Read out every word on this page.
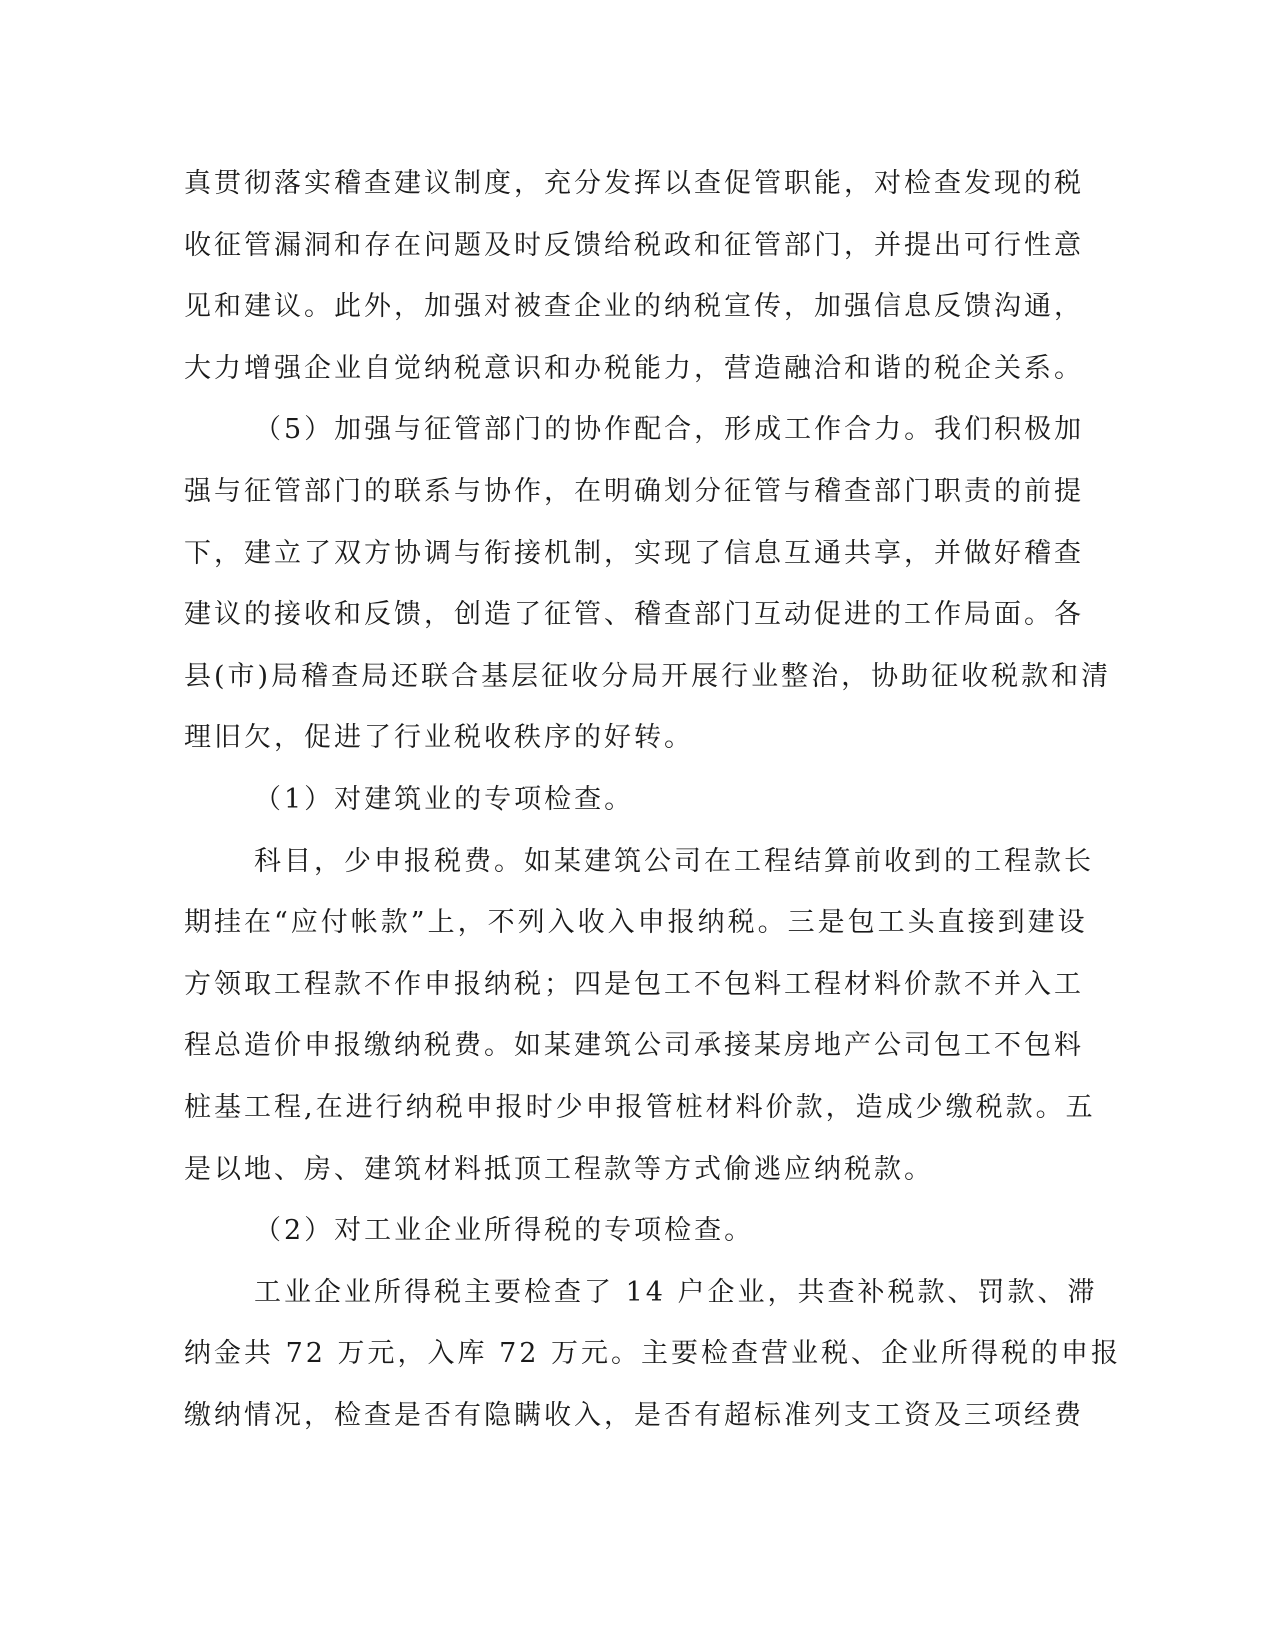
真贯彻落实稽查建议制度，充分发挥以查促管职能，对检查发现的税
收征管漏洞和存在问题及时反馈给税政和征管部门，并提出可行性意
见和建议。此外，加强对被查企业的纳税宣传，加强信息反馈沟通，
大力增强企业自觉纳税意识和办税能力，营造融洽和谐的税企关系。
（5）加强与征管部门的协作配合，形成工作合力。我们积极加
强与征管部门的联系与协作，在明确划分征管与稽查部门职责的前提
下，建立了双方协调与衔接机制，实现了信息互通共享，并做好稽查
建议的接收和反馈，创造了征管、稽查部门互动促进的工作局面。各
县(市)局稽查局还联合基层征收分局开展行业整治，协助征收税款和清
理旧欠，促进了行业税收秩序的好转。
（1）对建筑业的专项检查。
科目，少申报税费。如某建筑公司在工程结算前收到的工程款长
期挂在“应付帐款”上，不列入收入申报纳税。三是包工头直接到建设
方领取工程款不作申报纳税；四是包工不包料工程材料价款不并入工
程总造价申报缴纳税费。如某建筑公司承接某房地产公司包工不包料
桩基工程,在进行纳税申报时少申报管桩材料价款，造成少缴税款。五
是以地、房、建筑材料抵顶工程款等方式偷逃应纳税款。
（2）对工业企业所得税的专项检查。
工业企业所得税主要检查了 14 户企业，共查补税款、罚款、滞
纳金共 72 万元，入库 72 万元。主要检查营业税、企业所得税的申报
缴纳情况，检查是否有隐瞒收入，是否有超标准列支工资及三项经费
